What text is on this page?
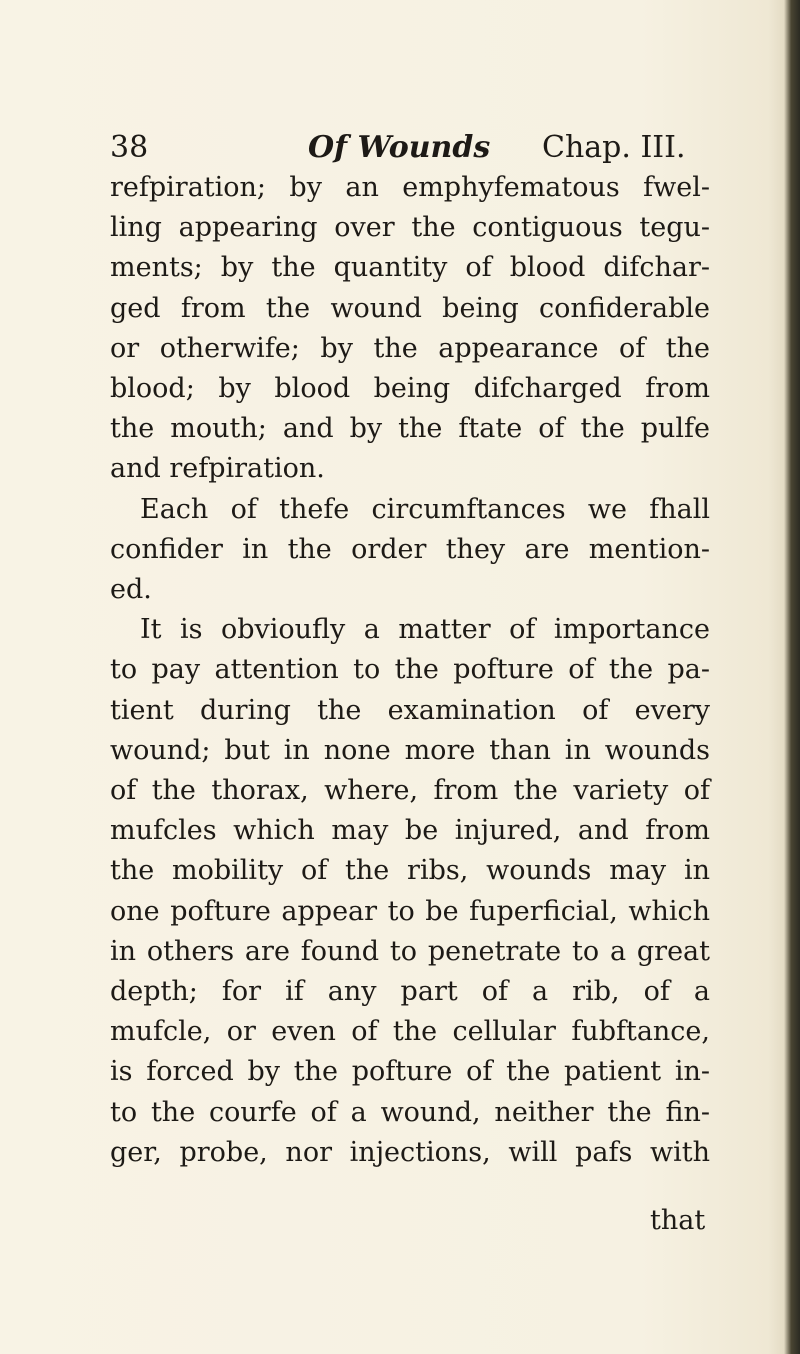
38	Of Wounds Chap. III.
refpiration; by an emphyfematous fwel-
ling appearing over the contiguous tegu-
ments; by the quantity of blood difchar-
ged from the wound being confiderable
or otherwife; by the appearance of the
blood; by blood being difcharged from
the mouth; and by the ftate of the pulfe
and refpiration.
Each of thefe circumftances we fhall
confider in the order they are mention-
ed.
It is obvioufly a matter of importance
to pay attention to the pofture of the pa-
tient during the examination of every
wound; but in none more than in wounds
of the thorax, where, from the variety of
mufcles which may be injured, and from
the mobility of the ribs, wounds may in
one pofture appear to be fuperficial, which
in others are found to penetrate to a great
depth; for if any part of a rib, of a
mufcle, or even of the cellular fubftance,
is forced by the pofture of the patient in-
to the courfe of a wound, neither the fin-
ger, probe, nor injections, will pafs with
that
